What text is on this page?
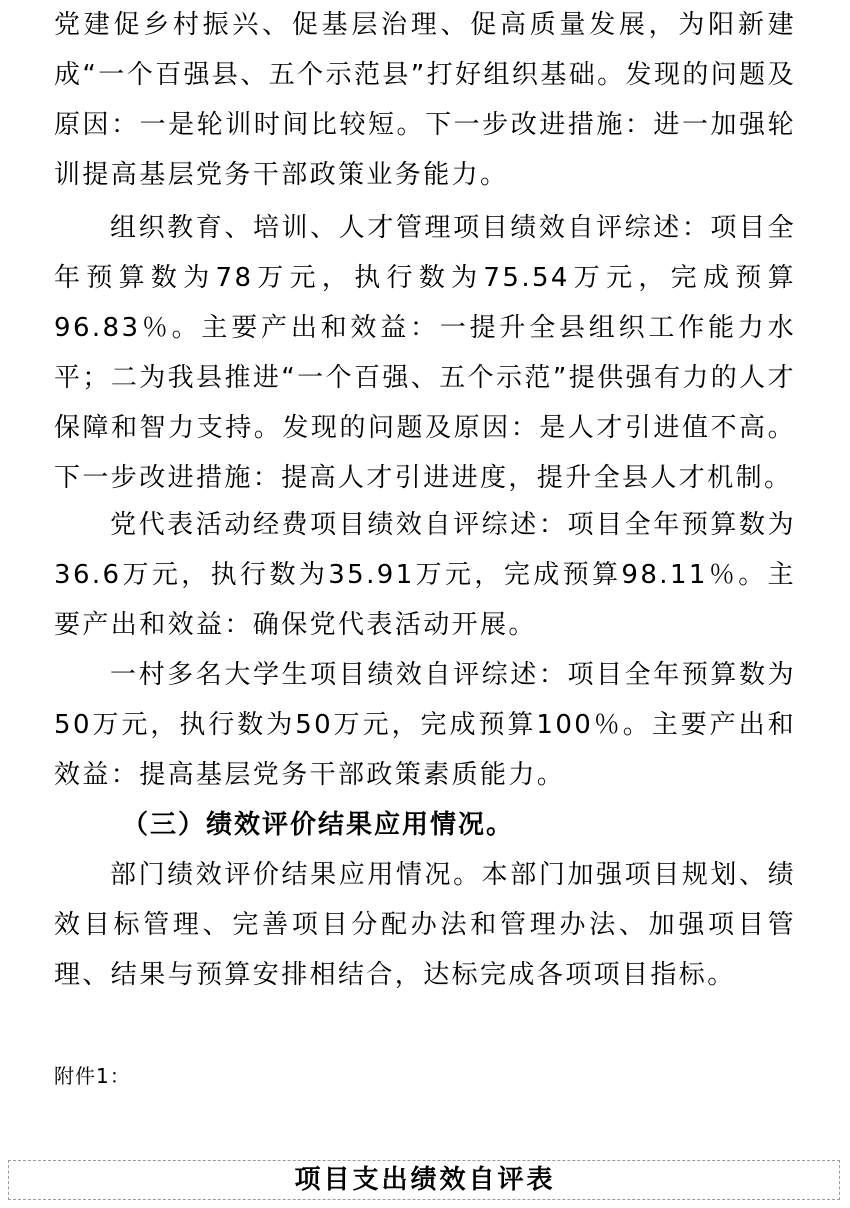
党建促乡村振兴、促基层治理、促高质量发展，为阳新建成“一个百强县、五个示范县”打好组织基础。发现的问题及原因：一是轮训时间比较短。下一步改进措施：进一加强轮训提高基层党务干部政策业务能力。

组织教育、培训、人才管理项目绩效自评综述：项目全年预算数为78万元，执行数为75.54万元，完成预算96.83％。主要产出和效益：一提升全县组织工作能力水平；二为我县推进“一个百强、五个示范”提供强有力的人才保障和智力支持。发现的问题及原因：是人才引进值不高。下一步改进措施：提高人才引进进度，提升全县人才机制。

党代表活动经费项目绩效自评综述：项目全年预算数为36.6万元，执行数为35.91万元，完成预算98.11％。主要产出和效益：确保党代表活动开展。

一村多名大学生项目绩效自评综述：项目全年预算数为50万元，执行数为50万元，完成预算100％。主要产出和效益：提高基层党务干部政策素质能力。

（三）绩效评价结果应用情况。

部门绩效评价结果应用情况。本部门加强项目规划、绩效目标管理、完善项目分配办法和管理办法、加强项目管理、结果与预算安排相结合，达标完成各项项目指标。

附件1：

项目支出绩效自评表
